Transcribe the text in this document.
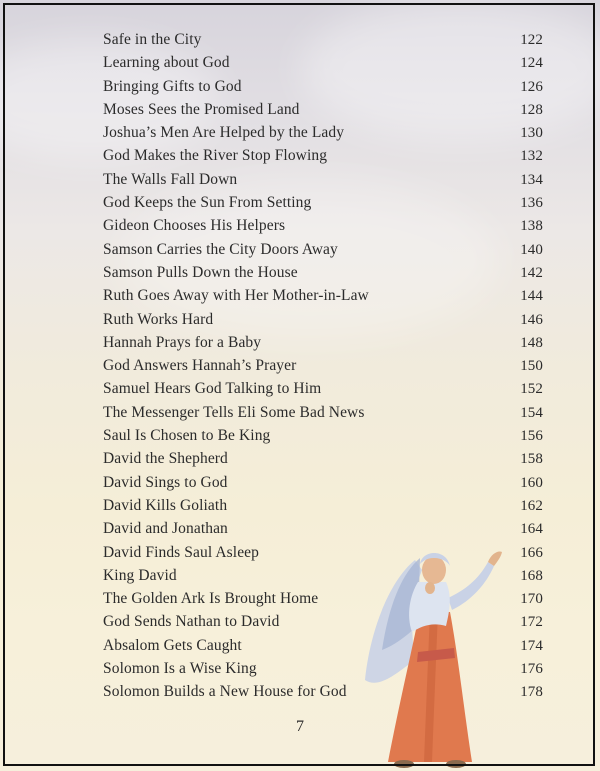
Safe in the City	122
Learning about God	124
Bringing Gifts to God	126
Moses Sees the Promised Land	128
Joshua’s Men Are Helped by the Lady	130
God Makes the River Stop Flowing	132
The Walls Fall Down	134
God Keeps the Sun From Setting	136
Gideon Chooses His Helpers	138
Samson Carries the City Doors Away	140
Samson Pulls Down the House	142
Ruth Goes Away with Her Mother-in-Law	144
Ruth Works Hard	146
Hannah Prays for a Baby	148
God Answers Hannah’s Prayer	150
Samuel Hears God Talking to Him	152
The Messenger Tells Eli Some Bad News	154
Saul Is Chosen to Be King	156
David the Shepherd	158
David Sings to God	160
David Kills Goliath	162
David and Jonathan	164
David Finds Saul Asleep	166
King David	168
The Golden Ark Is Brought Home	170
God Sends Nathan to David	172
Absalom Gets Caught	174
Solomon Is a Wise King	176
Solomon Builds a New House for God	178
7
